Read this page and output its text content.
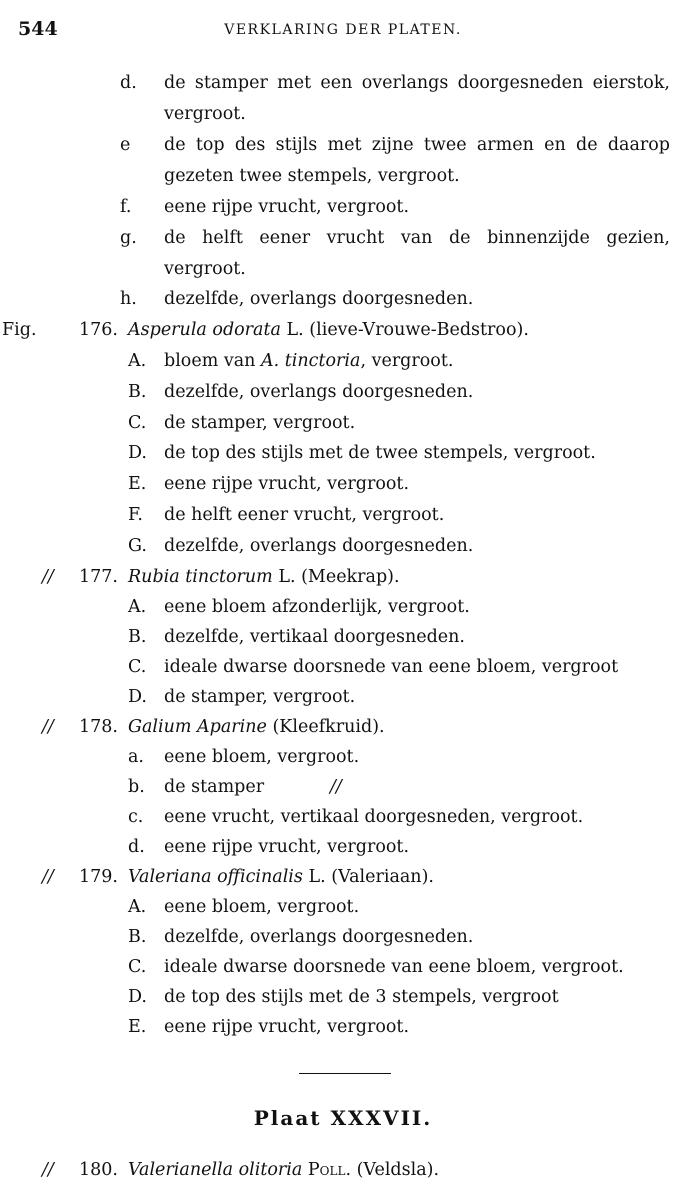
544	VERKLARING DER PLATEN.
d. de stamper met een overlangs doorgesneden eierstok,
vergroot.
e de top des stijls met zijne twee armen en de daarop
gezeten twee stempels, vergroot.
f. eene rijpe vrucht, vergroot.
g. de helft eener vrucht van de binnenzijde gezien,
vergroot.
h. dezelfde, overlangs doorgesneden.
Fig. 176. Asperula odorata L. (lieve-Vrouwe-Bedstroo).
A. bloem van A. tinctoria, vergroot.
B. dezelfde, overlangs doorgesneden.
C. de stamper, vergroot.
D. de top des stijls met de twee stempels, vergroot.
E. eene rijpe vrucht, vergroot.
F. de helft eener vrucht, vergroot.
G. dezelfde, overlangs doorgesneden.
// 177. Rubia tinctorum L. (Meekrap).
A. eene bloem afzonderlijk, vergroot.
B. dezelfde, vertikaal doorgesneden.
C. ideale dwarse doorsnede van eene bloem, vergroot
D. de stamper, vergroot.
// 178. Galium Aparine (Kleefkruid).
a. eene bloem, vergroot.
b. de stamper	//
c. eene vrucht, vertikaal doorgesneden, vergroot.
d. eene rijpe vrucht, vergroot.
// 179. Valeriana officinalis L. (Valeriaan).
A. eene bloem, vergroot.
B. dezelfde, overlangs doorgesneden.
C. ideale dwarse doorsnede van eene bloem, vergroot.
D. de top des stijls met de 3 stempels, vergroot
E. eene rijpe vrucht, vergroot.
Plaat XXXVII.
// 180. Valerianella olitoria Poll. (Veldsla).
